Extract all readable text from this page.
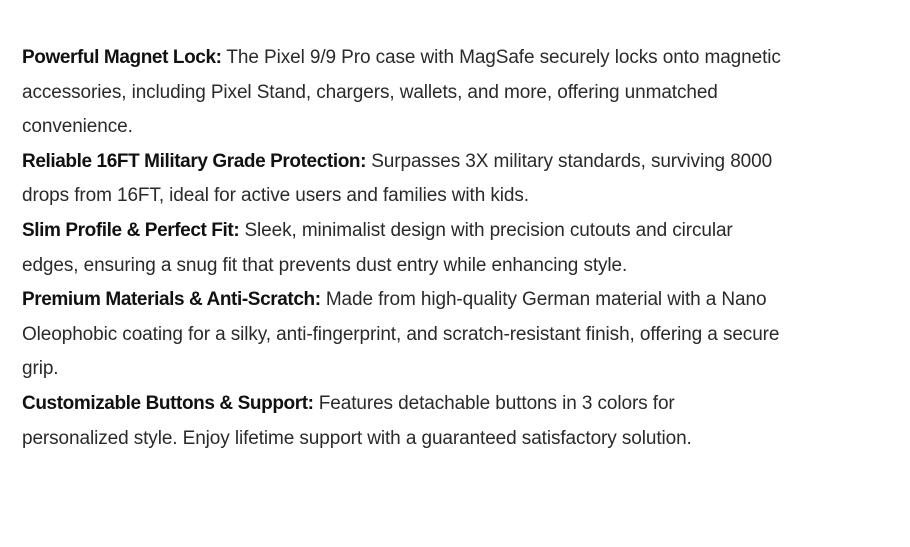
Powerful Magnet Lock: The Pixel 9/9 Pro case with MagSafe securely locks onto magnetic accessories, including Pixel Stand, chargers, wallets, and more, offering unmatched convenience.
Reliable 16FT Military Grade Protection: Surpasses 3X military standards, surviving 8000 drops from 16FT, ideal for active users and families with kids.
Slim Profile & Perfect Fit: Sleek, minimalist design with precision cutouts and circular edges, ensuring a snug fit that prevents dust entry while enhancing style.
Premium Materials & Anti-Scratch: Made from high-quality German material with a Nano Oleophobic coating for a silky, anti-fingerprint, and scratch-resistant finish, offering a secure grip.
Customizable Buttons & Support: Features detachable buttons in 3 colors for personalized style. Enjoy lifetime support with a guaranteed satisfactory solution.
